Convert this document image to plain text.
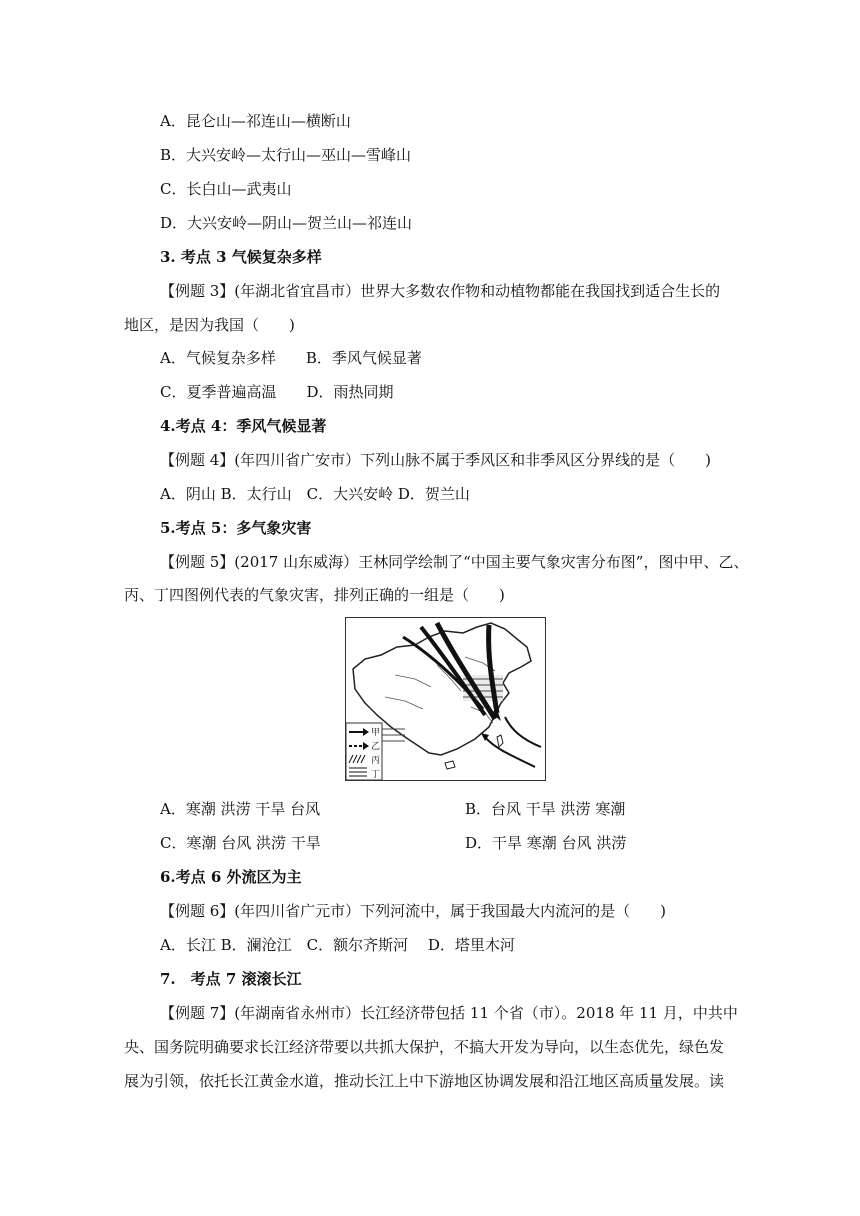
A．昆仑山—祁连山—横断山
B．大兴安岭—太行山—巫山—雪峰山
C．长白山—武夷山
D．大兴安岭—阴山—贺兰山—祁连山
3. 考点 3 气候复杂多样
【例题 3】(年湖北省宜昌市）世界大多数农作物和动植物都能在我国找到适合生长的
地区，是因为我国（　　)
A．气候复杂多样　　B．季风气候显著
C．夏季普遍高温　　D．雨热同期
4.考点 4：季风气候显著
【例题 4】(年四川省广安市）下列山脉不属于季风区和非季风区分界线的是（　　)
A．阴山 B．太行山　C．大兴安岭 D．贺兰山
5.考点 5：多气象灾害
【例题 5】(2017 山东威海）王林同学绘制了“中国主要气象灾害分布图”，图中甲、乙、
丙、丁四图例代表的气象灾害，排列正确的一组是（　　)
甲
乙
丙
丁
A．寒潮 洪涝 干旱 台风	B．台风 干旱 洪涝 寒潮
C．寒潮 台风 洪涝 干旱	D．干旱 寒潮 台风 洪涝
6.考点 6 外流区为主
【例题 6】(年四川省广元市）下列河流中，属于我国最大内流河的是（　　)
A．长江 B．澜沧江　C．额尔齐斯河　 D．塔里木河
7.　考点 7 滚滚长江
【例题 7】(年湖南省永州市）长江经济带包括 11 个省（市）。2018 年 11 月，中共中
央、国务院明确要求长江经济带要以共抓大保护，不搞大开发为导向，以生态优先，绿色发
展为引领，依托长江黄金水道，推动长江上中下游地区协调发展和沿江地区高质量发展。读
